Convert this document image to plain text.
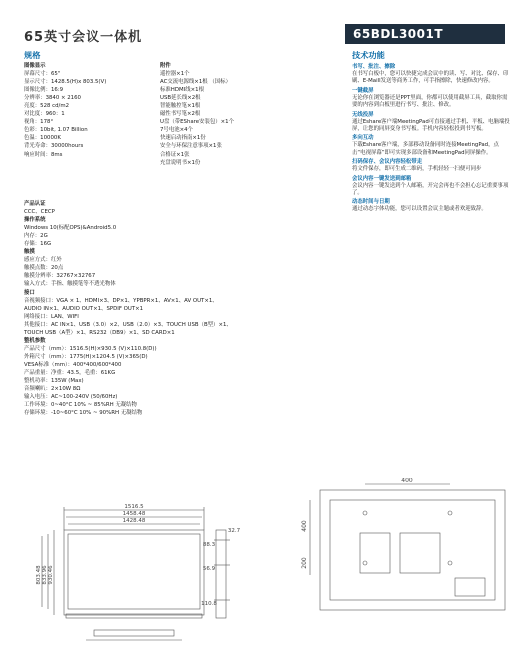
65英寸会议一体机	65BDL3001T
规格	技术功能
图像显示
屏幕尺寸：65"
显示尺寸：1428.5(H)x 803.5(V)
图像比例：16:9
分辨率：3840 × 2160
亮度：528 cd/m2
对比度：960：1
视角：178°
色彩：10bit, 1.07 Billion
色温：10000K
背光寿命：30000hours
响应时间：8ms
附件
遥控器×1个
AC交流电源线×1根 （国标）
标准HDMI线×1根
USB延长线×2根
智能触控笔×1根
磁性书写笔×2根
U盘（带EShare安装包）×1个
7号电池×4个
快速启动指南×1份
安全与环保注意事项×1张
合格证×1张
充盘说明书×1份
产品认证
CCC、CECP
操作系统
Windows 10(标配OPS)&Android5.0
内存：2G
存储：16G
触摸
感应方式：红外
触摸点数：20点
触摸分辨率：32767×32767
输入方式：手指、触摸笔等不透光物体
接口
音视频接口：VGA × 1、HDMI×3、DP×1、YPBPR×1、AV×1、AV OUT×1、
AUDIO IN×1、AUDIO OUT×1、SPDIF OUT×1
网络接口：LAN、WIFI
其他接口：AC IN×1、USB（3.0）×2、USB（2.0）×3、TOUCH USB（B型）×1、
TOUCH USB（A型）×1、RS232（DB9）×1、SD CARD×1
整机参数
产品尺寸（mm）：1516.5(H)×930.5 (V)×110.8(D))
外箱尺寸（mm）：1775(H)×1204.5 (V)×365(D)
VESA标准（mm）：400*400/600*400
产品重量：净重：43.5，毛重：61KG
整机功率：135W (Max)
音频喇叭：2×10W 8Ω
输入电压：AC~100-240V (50/60Hz)
工作环境：0~40°C 10% ~ 85%RH 无凝结物
存储环境：-10~60°C 10% ~ 90%RH 无凝结物
书写、批注、擦除

在书写白板中，您可以快捷完成会议中的读、写、对比、保存、印刷、E-Maill发送等商务工作，可手指擦除，快速修改内容。

一键截屏

无论你在浏览器还是PPT里面，你都可以使用截屏工具，截取你需要的内容到白板里进行书写、批注、修改。

无线投屏

通过Eshare客户端MeetingPad可直接通过手机、平板、电脑端投屏，让您的同屏变身书写板。手机内容轻松投到书写板。

多向互动

下载Eshare客户端，多部移动设备同时连接MeetingPad，点击“电视屏幕”即可实现多部设备和MeetingPad同屏操作。

扫码保存、会议内容轻松带走

将文件保存，即可生成二维码，手机轻轻一扫便可同步

会议内容一键发送到邮箱

会议内容一键发送到个人邮箱，开完会再也不会担心忘记重要事项了。

动态时间与日期

通过动态字体功能，您可以设置会议主题或者欢迎致辞。

1516.5
1458.48
1428.48
32.7
88.3
56.9
110.8
930.46
833.96
803.48
400
400
200
